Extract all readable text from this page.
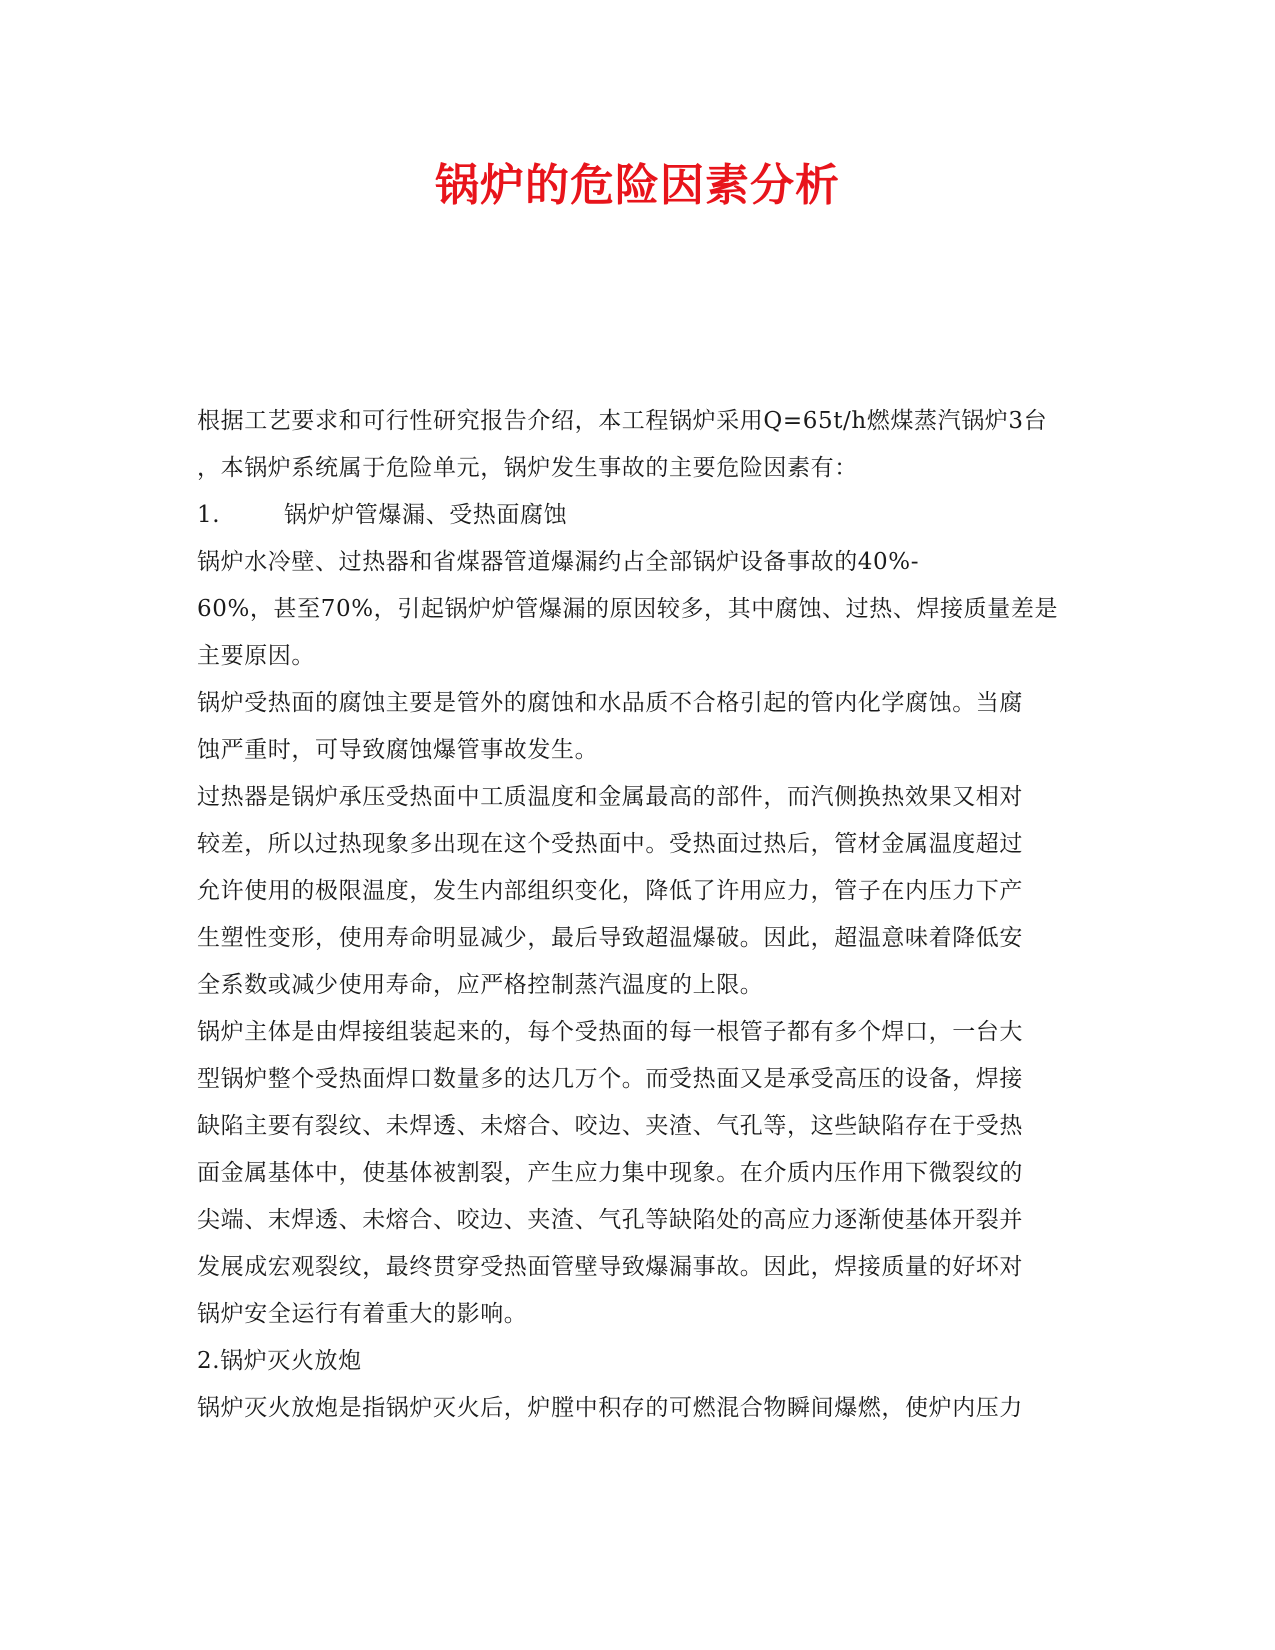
锅炉的危险因素分析
根据工艺要求和可行性研究报告介绍，本工程锅炉采用Q=65t/h燃煤蒸汽锅炉3台
，本锅炉系统属于危险单元，锅炉发生事故的主要危险因素有：
1.	锅炉炉管爆漏、受热面腐蚀
锅炉水冷壁、过热器和省煤器管道爆漏约占全部锅炉设备事故的40%-
60%，甚至70%，引起锅炉炉管爆漏的原因较多，其中腐蚀、过热、焊接质量差是
主要原因。
锅炉受热面的腐蚀主要是管外的腐蚀和水品质不合格引起的管内化学腐蚀。当腐
蚀严重时，可导致腐蚀爆管事故发生。
过热器是锅炉承压受热面中工质温度和金属最高的部件，而汽侧换热效果又相对
较差，所以过热现象多出现在这个受热面中。受热面过热后，管材金属温度超过
允许使用的极限温度，发生内部组织变化，降低了许用应力，管子在内压力下产
生塑性变形，使用寿命明显减少，最后导致超温爆破。因此，超温意味着降低安
全系数或减少使用寿命，应严格控制蒸汽温度的上限。
锅炉主体是由焊接组装起来的，每个受热面的每一根管子都有多个焊口，一台大
型锅炉整个受热面焊口数量多的达几万个。而受热面又是承受高压的设备，焊接
缺陷主要有裂纹、未焊透、未熔合、咬边、夹渣、气孔等，这些缺陷存在于受热
面金属基体中，使基体被割裂，产生应力集中现象。在介质内压作用下微裂纹的
尖端、末焊透、未熔合、咬边、夹渣、气孔等缺陷处的高应力逐渐使基体开裂并
发展成宏观裂纹，最终贯穿受热面管壁导致爆漏事故。因此，焊接质量的好坏对
锅炉安全运行有着重大的影响。
2.锅炉灭火放炮
锅炉灭火放炮是指锅炉灭火后，炉膛中积存的可燃混合物瞬间爆燃，使炉内压力
